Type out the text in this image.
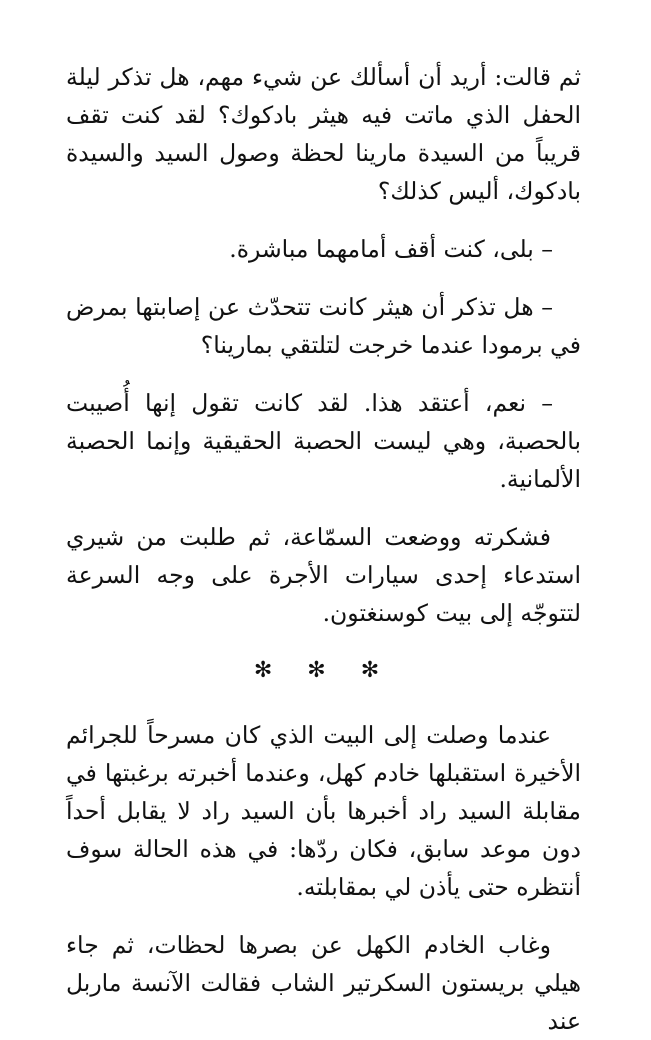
ثم قالت: أريد أن أسألك عن شيء مهم، هل تذكر ليلة الحفل الذي ماتت فيه هيثر بادكوك؟ لقد كنت تقف قريباً من السيدة مارينا لحظة وصول السيد والسيدة بادكوك، أليس كذلك؟

– بلى، كنت أقف أمامهما مباشرة.

– هل تذكر أن هيثر كانت تتحدّث عن إصابتها بمرض في برمودا عندما خرجت لتلتقي بمارينا؟

– نعم، أعتقد هذا. لقد كانت تقول إنها أُصيبت بالحصبة، وهي ليست الحصبة الحقيقية وإنما الحصبة الألمانية.

فشكرته ووضعت السمّاعة، ثم طلبت من شيري استدعاء إحدى سيارات الأجرة على وجه السرعة لتتوجّه إلى بيت كوسنغتون.

✻ ✻ ✻

عندما وصلت إلى البيت الذي كان مسرحاً للجرائم الأخيرة استقبلها خادم كهل، وعندما أخبرته برغبتها في مقابلة السيد راد أخبرها بأن السيد راد لا يقابل أحداً دون موعد سابق، فكان ردّها: في هذه الحالة سوف أنتظره حتى يأذن لي بمقابلته.

وغاب الخادم الكهل عن بصرها لحظات، ثم جاء هيلي بريستون السكرتير الشاب فقالت الآنسة ماربل عند
